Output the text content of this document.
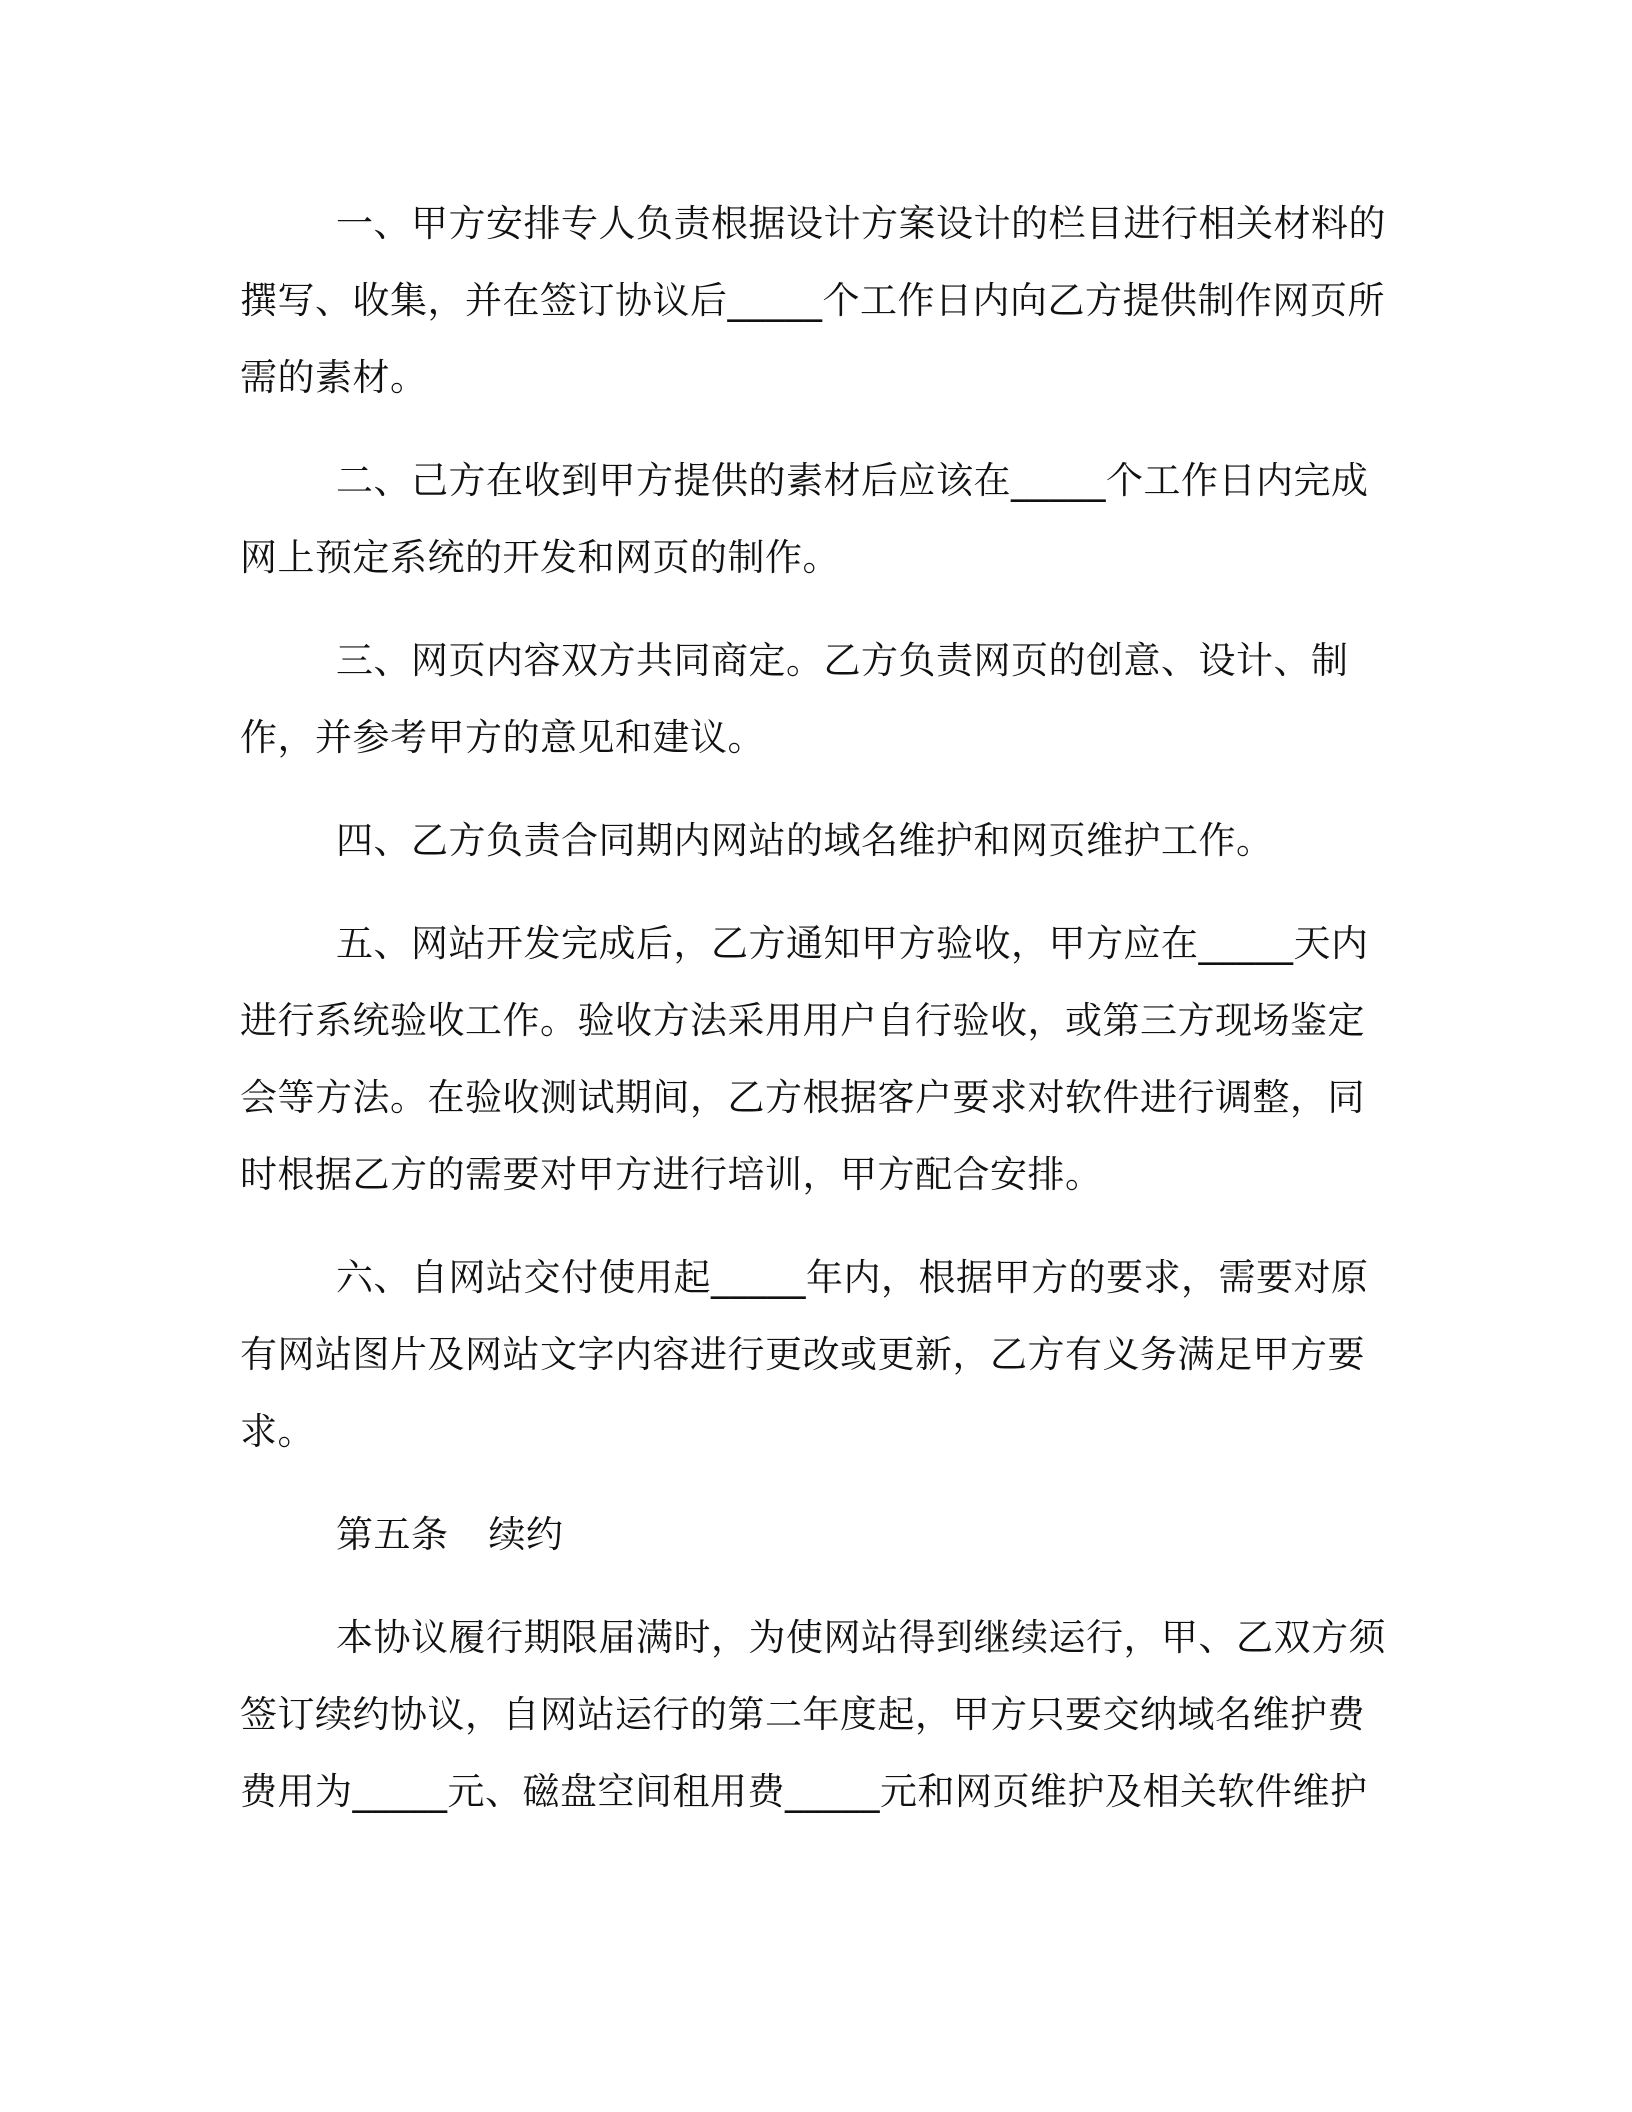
一、甲方安排专人负责根据设计方案设计的栏目进行相关材料的撰写、收集，并在签订协议后_____个工作日内向乙方提供制作网页所需的素材。

二、己方在收到甲方提供的素材后应该在_____个工作日内完成网上预定系统的开发和网页的制作。

三、网页内容双方共同商定。乙方负责网页的创意、设计、制作，并参考甲方的意见和建议。

四、乙方负责合同期内网站的域名维护和网页维护工作。

五、网站开发完成后，乙方通知甲方验收，甲方应在_____天内进行系统验收工作。验收方法采用用户自行验收，或第三方现场鉴定会等方法。在验收测试期间，乙方根据客户要求对软件进行调整，同时根据乙方的需要对甲方进行培训，甲方配合安排。

六、自网站交付使用起_____年内，根据甲方的要求，需要对原有网站图片及网站文字内容进行更改或更新，乙方有义务满足甲方要求。

第五条 续约

本协议履行期限届满时，为使网站得到继续运行，甲、乙双方须签订续约协议，自网站运行的第二年度起，甲方只要交纳域名维护费费用为_____元、磁盘空间租用费_____元和网页维护及相关软件维护
